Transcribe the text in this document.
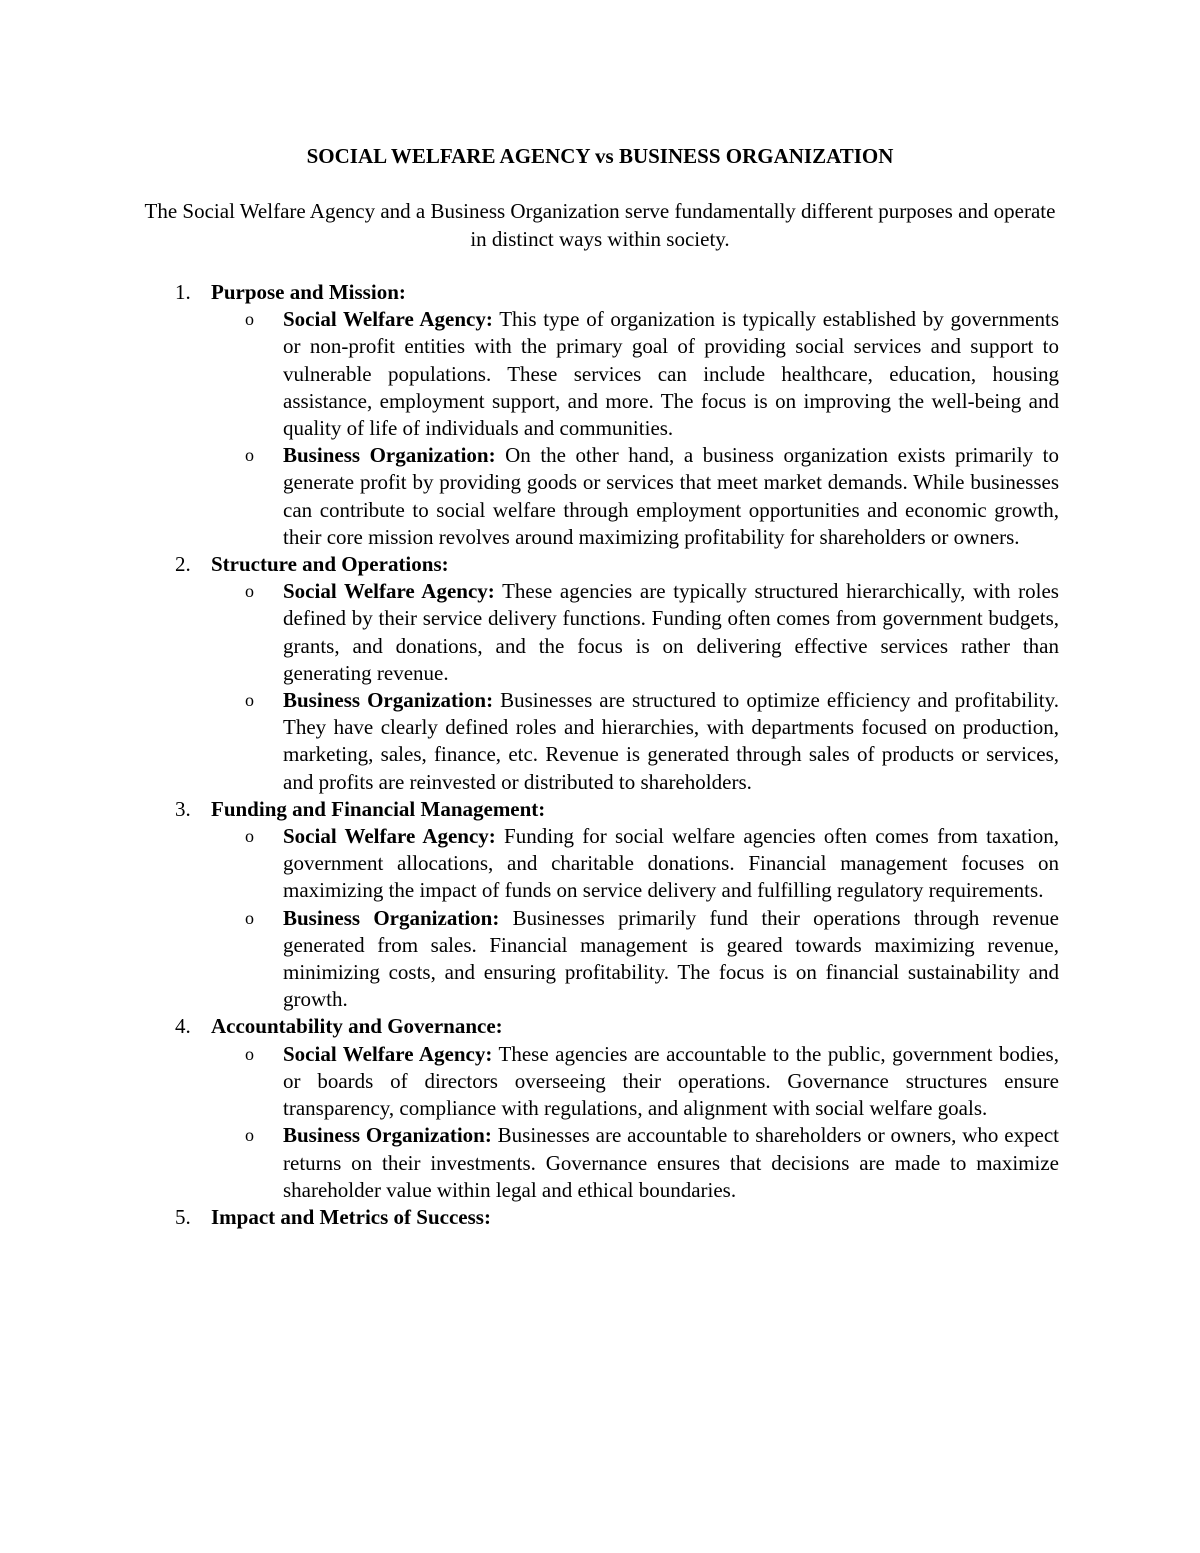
SOCIAL WELFARE AGENCY vs BUSINESS ORGANIZATION
The Social Welfare Agency and a Business Organization serve fundamentally different purposes and operate in distinct ways within society.
1. Purpose and Mission:
o Social Welfare Agency: This type of organization is typically established by governments or non-profit entities with the primary goal of providing social services and support to vulnerable populations. These services can include healthcare, education, housing assistance, employment support, and more. The focus is on improving the well-being and quality of life of individuals and communities.
o Business Organization: On the other hand, a business organization exists primarily to generate profit by providing goods or services that meet market demands. While businesses can contribute to social welfare through employment opportunities and economic growth, their core mission revolves around maximizing profitability for shareholders or owners.
2. Structure and Operations:
o Social Welfare Agency: These agencies are typically structured hierarchically, with roles defined by their service delivery functions. Funding often comes from government budgets, grants, and donations, and the focus is on delivering effective services rather than generating revenue.
o Business Organization: Businesses are structured to optimize efficiency and profitability. They have clearly defined roles and hierarchies, with departments focused on production, marketing, sales, finance, etc. Revenue is generated through sales of products or services, and profits are reinvested or distributed to shareholders.
3. Funding and Financial Management:
o Social Welfare Agency: Funding for social welfare agencies often comes from taxation, government allocations, and charitable donations. Financial management focuses on maximizing the impact of funds on service delivery and fulfilling regulatory requirements.
o Business Organization: Businesses primarily fund their operations through revenue generated from sales. Financial management is geared towards maximizing revenue, minimizing costs, and ensuring profitability. The focus is on financial sustainability and growth.
4. Accountability and Governance:
o Social Welfare Agency: These agencies are accountable to the public, government bodies, or boards of directors overseeing their operations. Governance structures ensure transparency, compliance with regulations, and alignment with social welfare goals.
o Business Organization: Businesses are accountable to shareholders or owners, who expect returns on their investments. Governance ensures that decisions are made to maximize shareholder value within legal and ethical boundaries.
5. Impact and Metrics of Success:
